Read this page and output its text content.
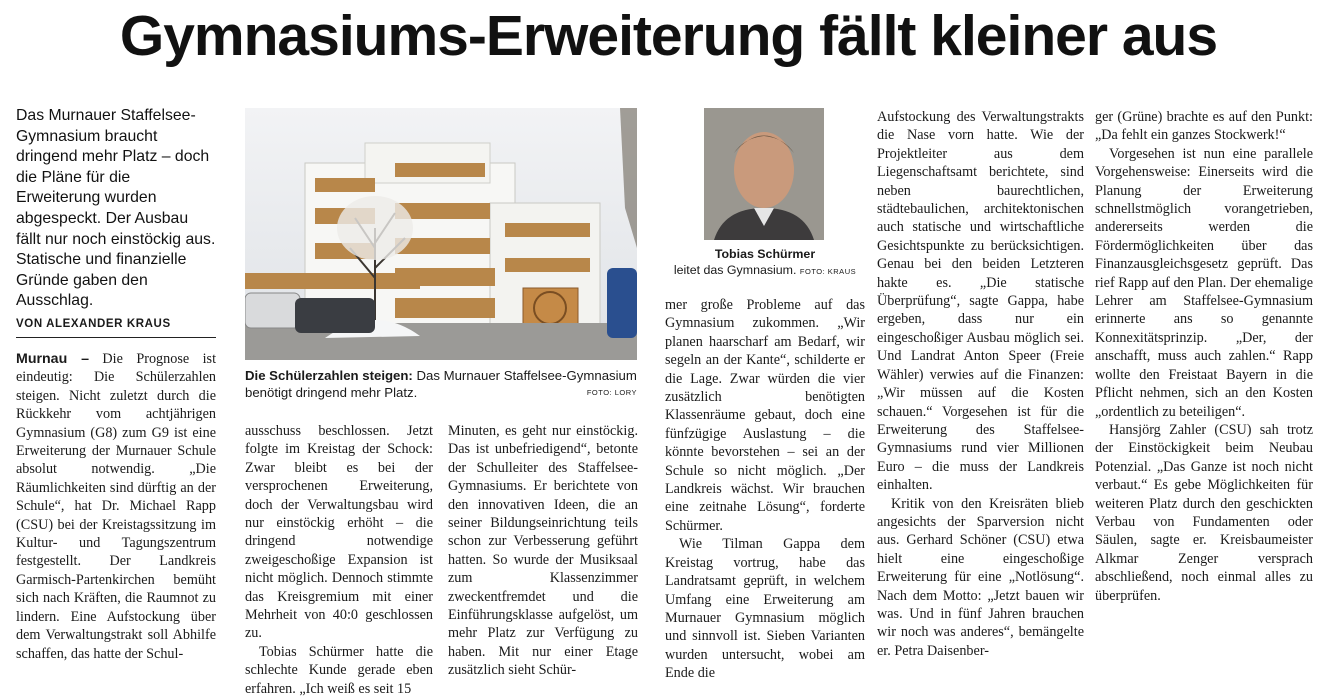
Gymnasiums-Erweiterung fällt kleiner aus
Das Murnauer Staffelsee-Gymnasium braucht dringend mehr Platz – doch die Pläne für die Erweiterung wurden abgespeckt. Der Ausbau fällt nur noch einstöckig aus. Statische und finanzielle Gründe gaben den Ausschlag.
VON ALEXANDER KRAUS

Murnau – Die Prognose ist eindeutig: Die Schülerzahlen steigen. Nicht zuletzt durch die Rückkehr vom achtjährigen Gymnasium (G8) zum G9 ist eine Erweiterung der Murnauer Schule absolut notwendig. „Die Räumlichkeiten sind dürftig an der Schule“, hat Dr. Michael Rapp (CSU) bei der Kreistagssitzung im Kultur- und Tagungszentrum festgestellt. Der Landkreis Garmisch-Partenkirchen bemüht sich nach Kräften, die Raumnot zu lindern. Eine Aufstockung über dem Verwaltungstrakt soll Abhilfe schaffen, das hatte der Schul-

Die Schülerzahlen steigen: Das Murnauer Staffelsee-Gymnasium benötigt dringend mehr Platz.	FOTO: LORY

ausschuss beschlossen. Jetzt folgte im Kreistag der Schock: Zwar bleibt es bei der versprochenen Erweiterung, doch der Verwaltungsbau wird nur einstöckig erhöht – die dringend notwendige zweigeschoßige Expansion ist nicht möglich. Dennoch stimmte das Kreisgremium mit einer Mehrheit von 40:0 geschlossen zu.

Tobias Schürmer hatte die schlechte Kunde gerade eben erfahren. „Ich weiß es seit 15

Minuten, es geht nur einstöckig. Das ist unbefriedigend“, betonte der Schulleiter des Staffelsee-Gymnasiums. Er berichtete von den innovativen Ideen, die an seiner Bildungseinrichtung teils schon zur Verbesserung geführt hatten. So wurde der Musiksaal zum Klassenzimmer zweckentfremdet und die Einführungsklasse aufgelöst, um mehr Platz zur Verfügung zu haben. Mit nur einer Etage zusätzlich sieht Schür-

Tobias Schürmer
leitet das Gymnasium. FOTO: KRAUS

mer große Probleme auf das Gymnasium zukommen. „Wir planen haarscharf am Bedarf, wir segeln an der Kante“, schilderte er die Lage. Zwar würden die vier zusätzlich benötigten Klassenräume gebaut, doch eine fünfzügige Auslastung – die könnte bevorstehen – sei an der Schule so nicht möglich. „Der Landkreis wächst. Wir brauchen eine zeitnahe Lösung“, forderte Schürmer.

Wie Tilman Gappa dem Kreistag vortrug, habe das Landratsamt geprüft, in welchem Umfang eine Erweiterung am Murnauer Gymnasium möglich und sinnvoll ist. Sieben Varianten wurden untersucht, wobei am Ende die

Aufstockung des Verwaltungstrakts die Nase vorn hatte. Wie der Projektleiter aus dem Liegenschaftsamt berichtete, sind neben baurechtlichen, städtebaulichen, architektonischen auch statische und wirtschaftliche Gesichtspunkte zu berücksichtigen. Genau bei den beiden Letzteren hakte es. „Die statische Überprüfung“, sagte Gappa, habe ergeben, dass nur ein eingeschoßiger Ausbau möglich sei. Und Landrat Anton Speer (Freie Wähler) verwies auf die Finanzen: „Wir müssen auf die Kosten schauen.“ Vorgesehen ist für die Erweiterung des Staffelsee-Gymnasiums rund vier Millionen Euro – die muss der Landkreis einhalten.

Kritik von den Kreisräten blieb angesichts der Sparversion nicht aus. Gerhard Schöner (CSU) etwa hielt eine eingeschoßige Erweiterung für eine „Notlösung“. Nach dem Motto: „Jetzt bauen wir was. Und in fünf Jahren brauchen wir noch was anderes“, bemängelte er. Petra Daisenber-

ger (Grüne) brachte es auf den Punkt: „Da fehlt ein ganzes Stockwerk!“

Vorgesehen ist nun eine parallele Vorgehensweise: Einerseits wird die Planung der Erweiterung schnellstmöglich vorangetrieben, andererseits werden die Fördermöglichkeiten über das Finanzausgleichsgesetz geprüft. Das rief Rapp auf den Plan. Der ehemalige Lehrer am Staffelsee-Gymnasium erinnerte ans so genannte Konnexitätsprinzip. „Der, der anschafft, muss auch zahlen.“ Rapp wollte den Freistaat Bayern in die Pflicht nehmen, sich an den Kosten „ordentlich zu beteiligen“.

Hansjörg Zahler (CSU) sah trotz der Einstöckigkeit beim Neubau Potenzial. „Das Ganze ist noch nicht verbaut.“ Es gebe Möglichkeiten für weiteren Platz durch den geschickten Verbau von Fundamenten oder Säulen, sagte er. Kreisbaumeister Alkmar Zenger versprach abschließend, noch einmal alles zu überprüfen.
